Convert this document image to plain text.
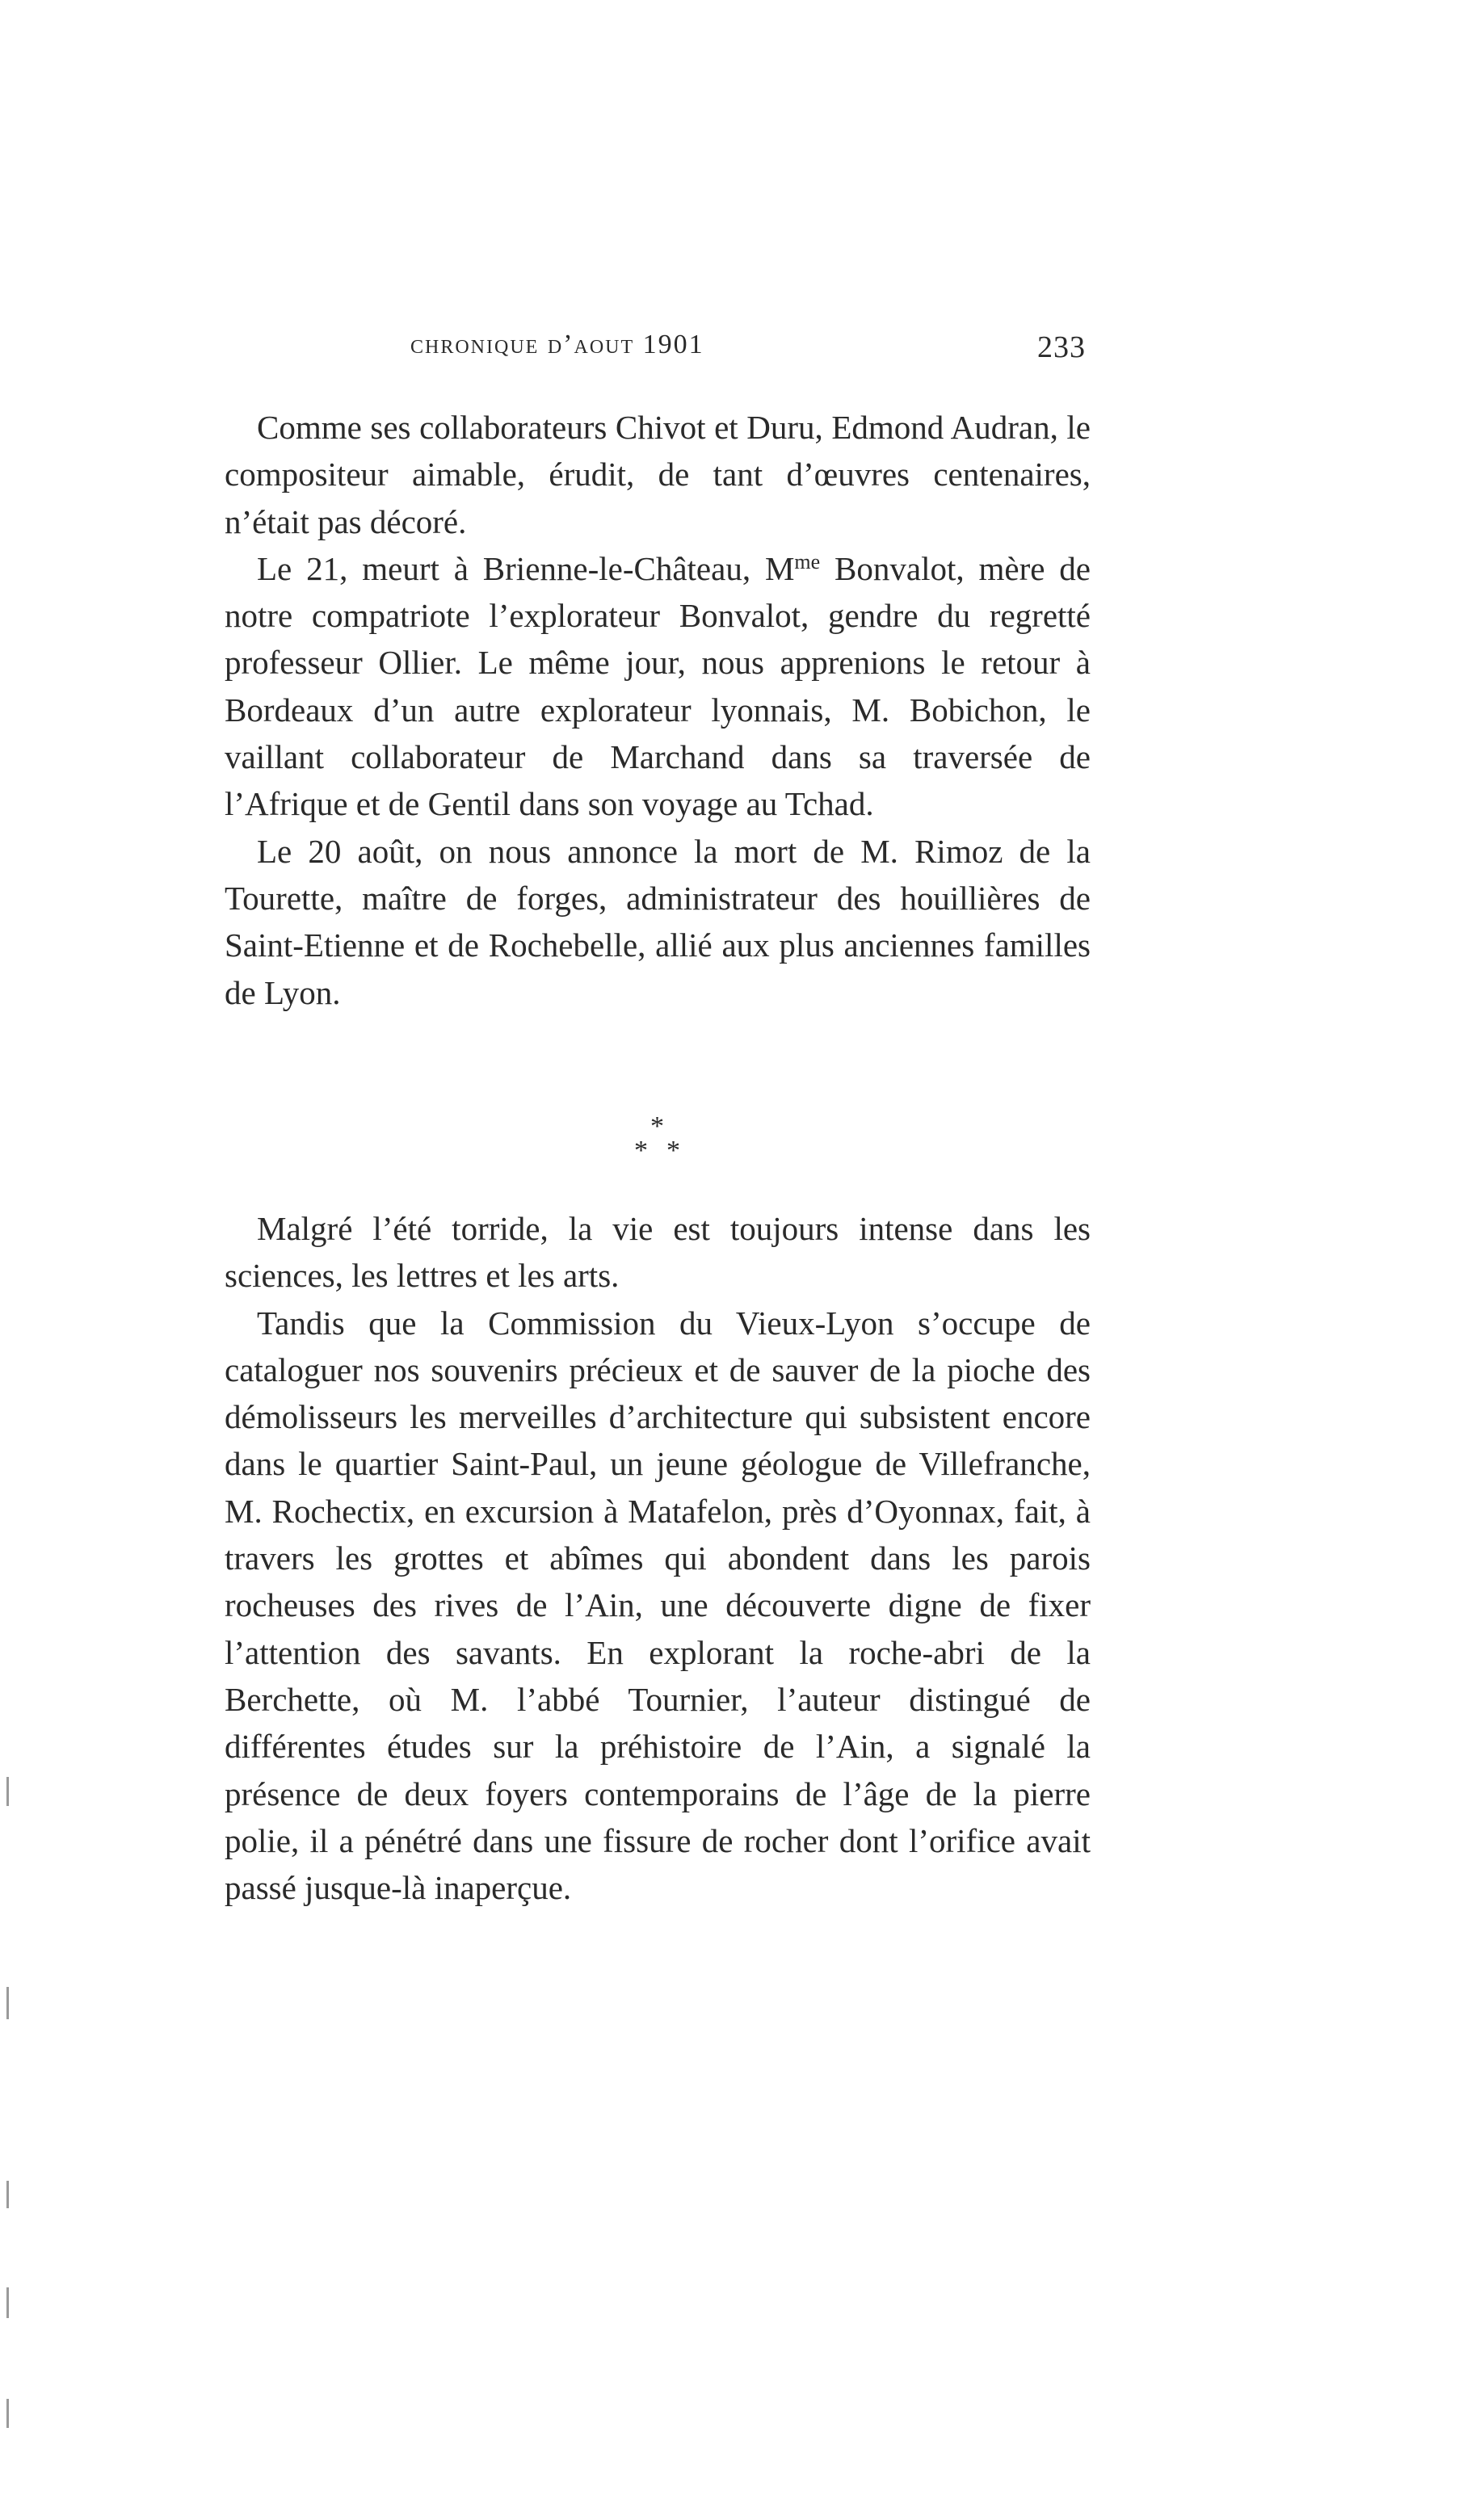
chronique d’aout 1901	233

Comme ses collaborateurs Chivot et Duru, Edmond Audran, le compositeur aimable, érudit, de tant d’œuvres centenaires, n’était pas décoré.

Le 21, meurt à Brienne-le-Château, $M^{me}$ Bonvalot, mère de notre compatriote l’explorateur Bonvalot, gendre du regretté professeur Ollier. Le même jour, nous apprenions le retour à Bordeaux d’un autre explorateur lyonnais, M. Bobichon, le vaillant collaborateur de Marchand dans sa traversée de l’Afrique et de Gentil dans son voyage au Tchad.

Le 20 août, on nous annonce la mort de M. Rimoz de la Tourette, maître de forges, administrateur des houillières de Saint-Etienne et de Rochebelle, allié aux plus anciennes familles de Lyon.

*
* *

Malgré l’été torride, la vie est toujours intense dans les sciences, les lettres et les arts.

Tandis que la Commission du Vieux-Lyon s’occupe de cataloguer nos souvenirs précieux et de sauver de la pioche des démolisseurs les merveilles d’architecture qui subsistent encore dans le quartier Saint-Paul, un jeune géologue de Villefranche, M. Rochectix, en excursion à Matafelon, près d’Oyonnax, fait, à travers les grottes et abîmes qui abondent dans les parois rocheuses des rives de l’Ain, une découverte digne de fixer l’attention des savants. En explorant la roche-abri de la Berchette, où M. l’abbé Tournier, l’auteur distingué de différentes études sur la préhistoire de l’Ain, a signalé la présence de deux foyers contemporains de l’âge de la pierre polie, il a pénétré dans une fissure de rocher dont l’orifice avait passé jusque-là inaperçue.
